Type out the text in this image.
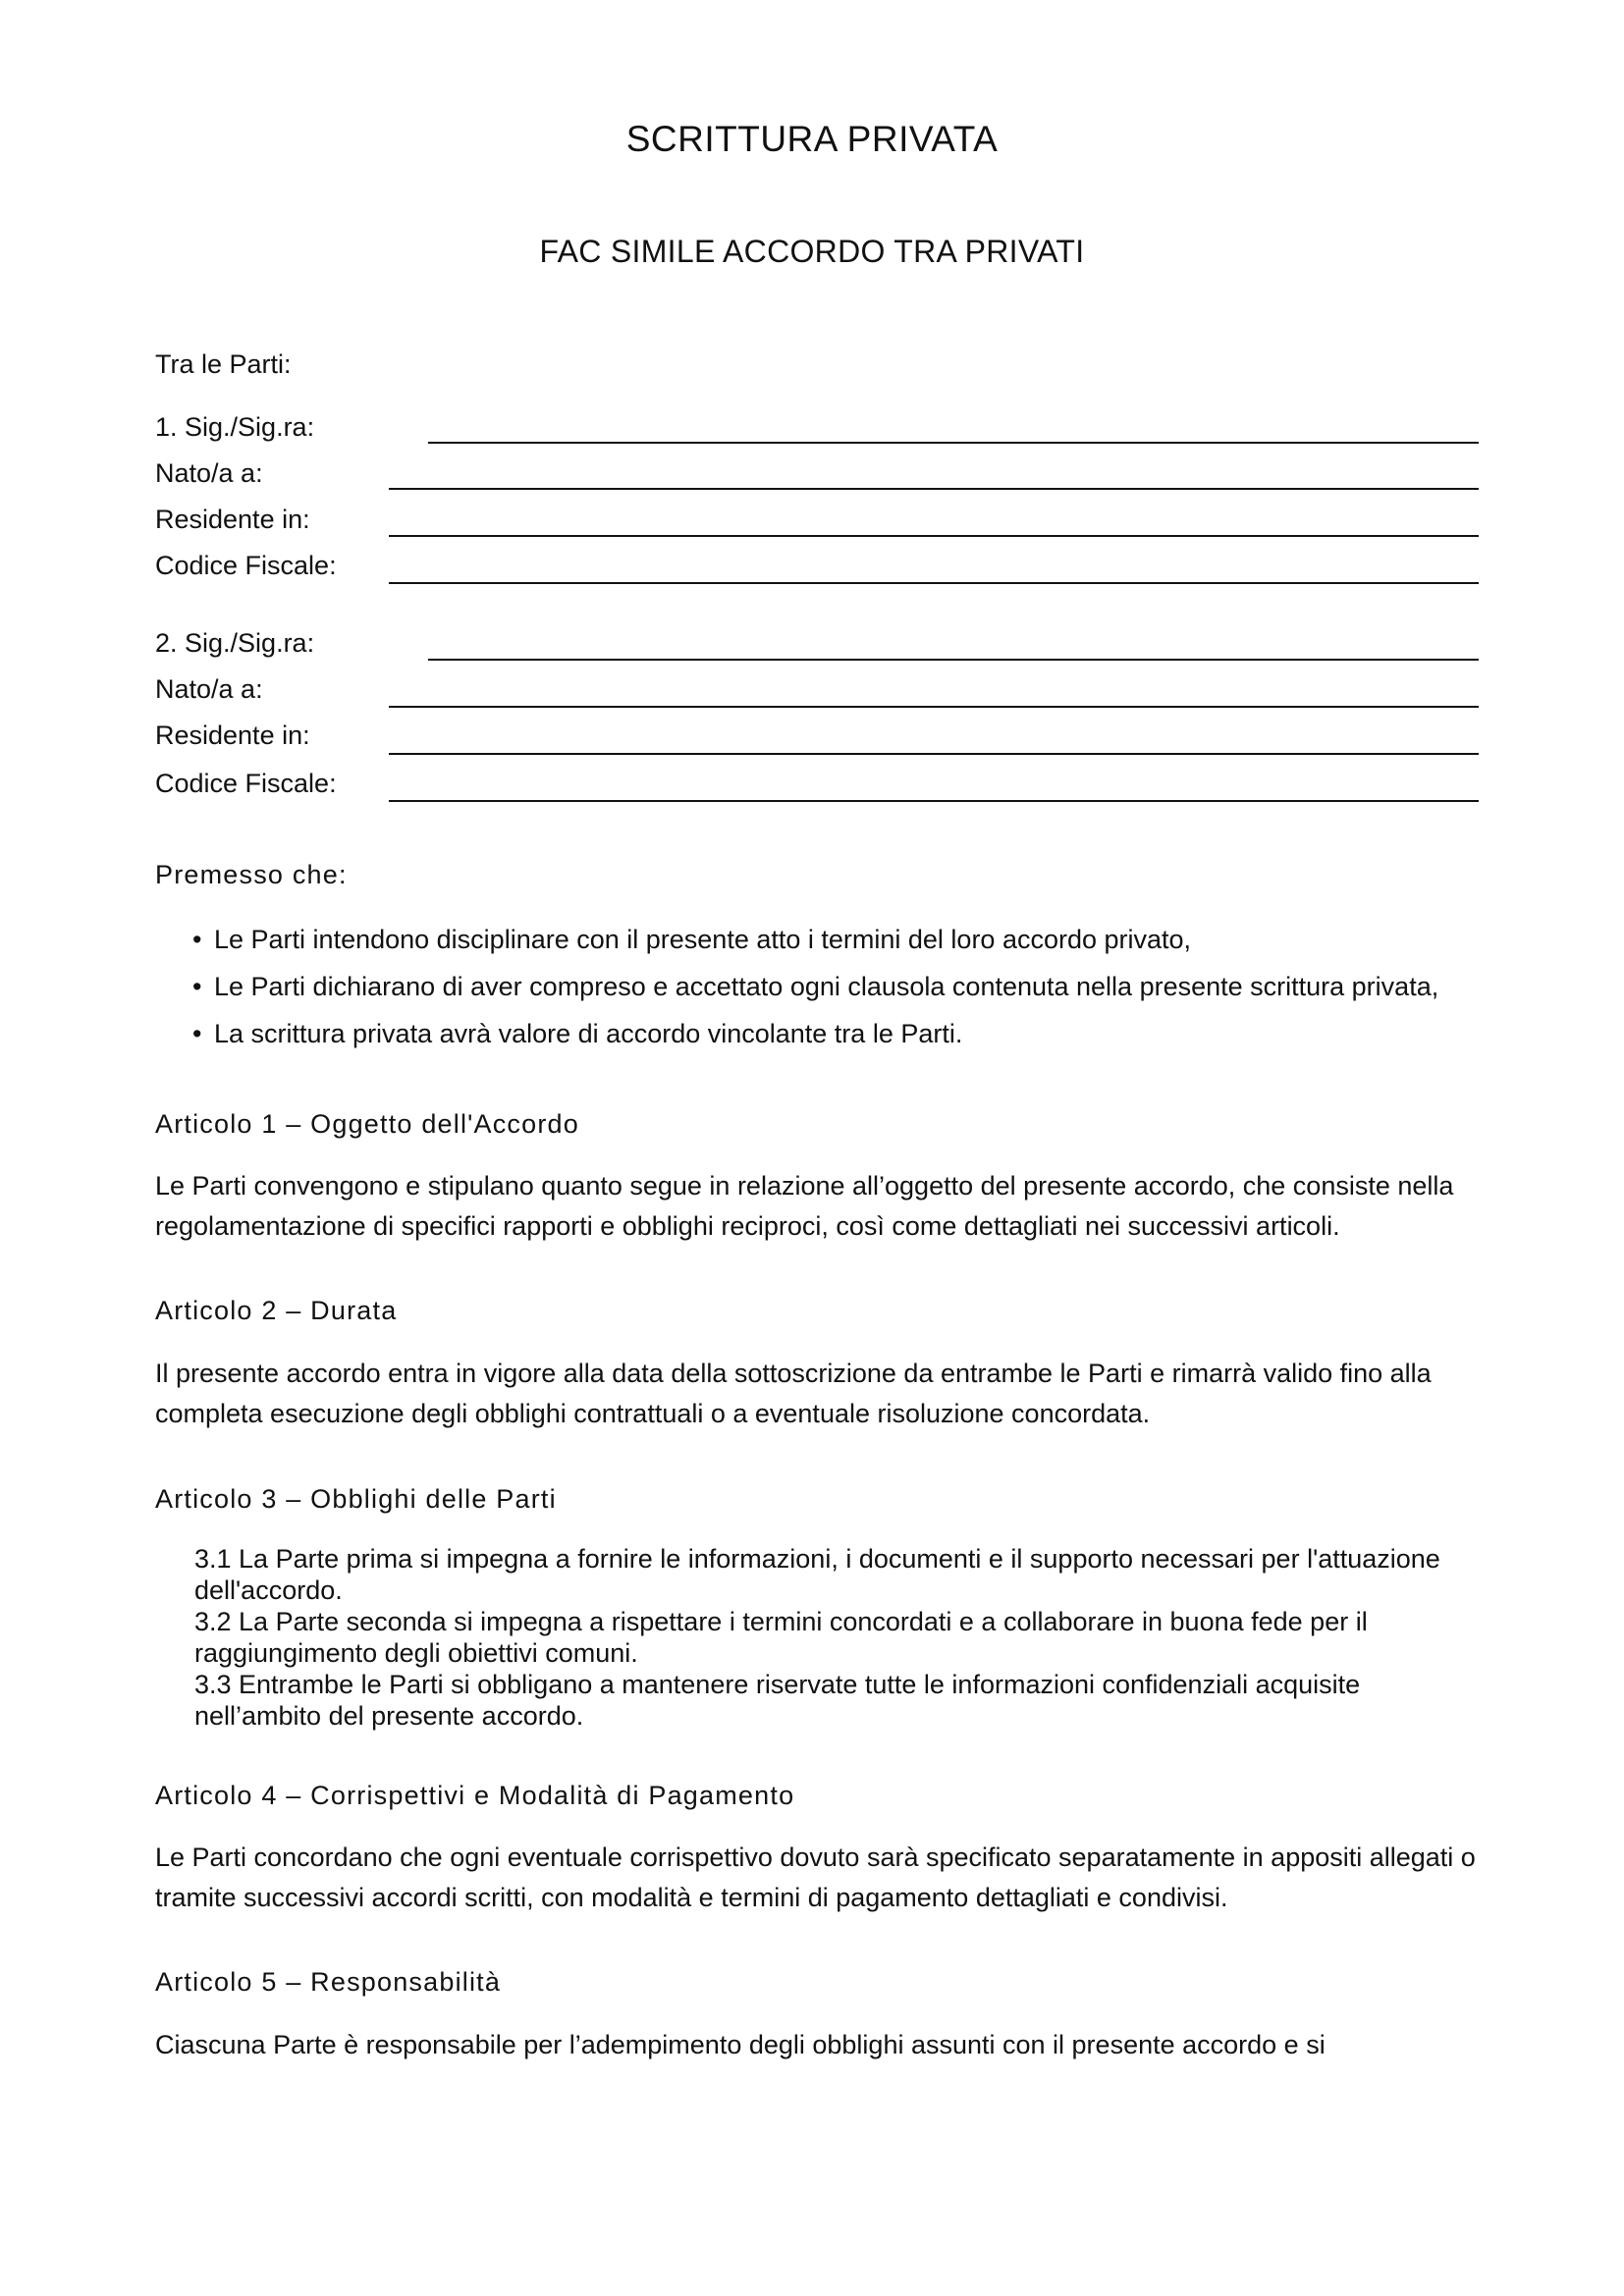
SCRITTURA PRIVATA
FAC SIMILE ACCORDO TRA PRIVATI
Tra le Parti:
1. Sig./Sig.ra:
Nato/a a:
Residente in:
Codice Fiscale:
2. Sig./Sig.ra:
Nato/a a:
Residente in:
Codice Fiscale:
Premesso che:
• Le Parti intendono disciplinare con il presente atto i termini del loro accordo privato,
• Le Parti dichiarano di aver compreso e accettato ogni clausola contenuta nella presente scrittura privata,
• La scrittura privata avrà valore di accordo vincolante tra le Parti.
Articolo 1 – Oggetto dell'Accordo
Le Parti convengono e stipulano quanto segue in relazione all’oggetto del presente accordo, che consiste nella regolamentazione di specifici rapporti e obblighi reciproci, così come dettagliati nei successivi articoli.
Articolo 2 – Durata
Il presente accordo entra in vigore alla data della sottoscrizione da entrambe le Parti e rimarrà valido fino alla completa esecuzione degli obblighi contrattuali o a eventuale risoluzione concordata.
Articolo 3 – Obblighi delle Parti
3.1 La Parte prima si impegna a fornire le informazioni, i documenti e il supporto necessari per l'attuazione dell'accordo.
3.2 La Parte seconda si impegna a rispettare i termini concordati e a collaborare in buona fede per il raggiungimento degli obiettivi comuni.
3.3 Entrambe le Parti si obbligano a mantenere riservate tutte le informazioni confidenziali acquisite nell’ambito del presente accordo.
Articolo 4 – Corrispettivi e Modalità di Pagamento
Le Parti concordano che ogni eventuale corrispettivo dovuto sarà specificato separatamente in appositi allegati o tramite successivi accordi scritti, con modalità e termini di pagamento dettagliati e condivisi.
Articolo 5 – Responsabilità
Ciascuna Parte è responsabile per l’adempimento degli obblighi assunti con il presente accordo e si
